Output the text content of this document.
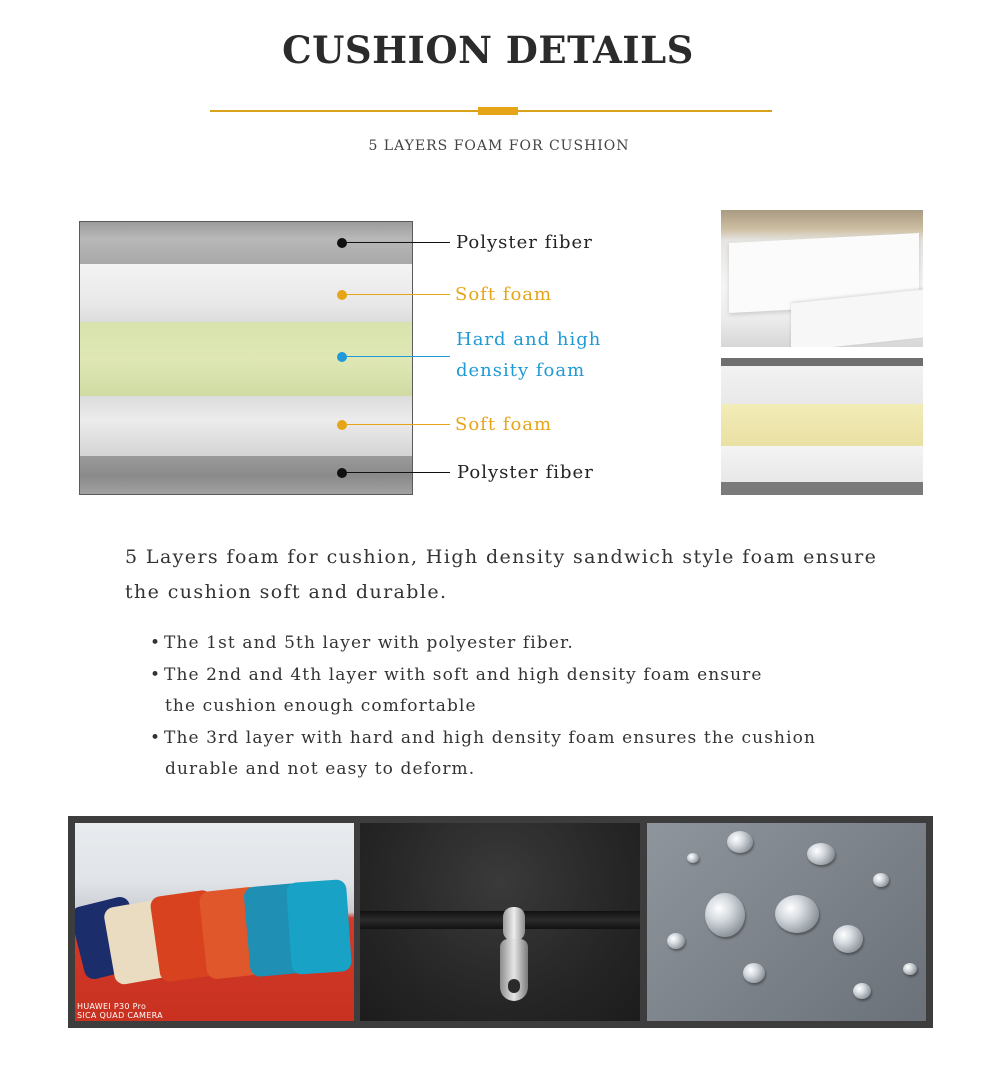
CUSHION DETAILS
5 LAYERS FOAM FOR CUSHION
Polyster fiber
Soft foam
Hard and high
density foam
Soft foam
Polyster fiber
5 Layers foam for cushion, High density sandwich style foam ensure
the cushion soft and durable.
• The 1st and 5th layer with polyester fiber.
• The 2nd and 4th layer with soft and high density foam ensure
the cushion enough comfortable
• The 3rd layer with hard and high density foam ensures the cushion
durable and not easy to deform.
HUAWEI P30 Pro
SICA QUAD CAMERA
